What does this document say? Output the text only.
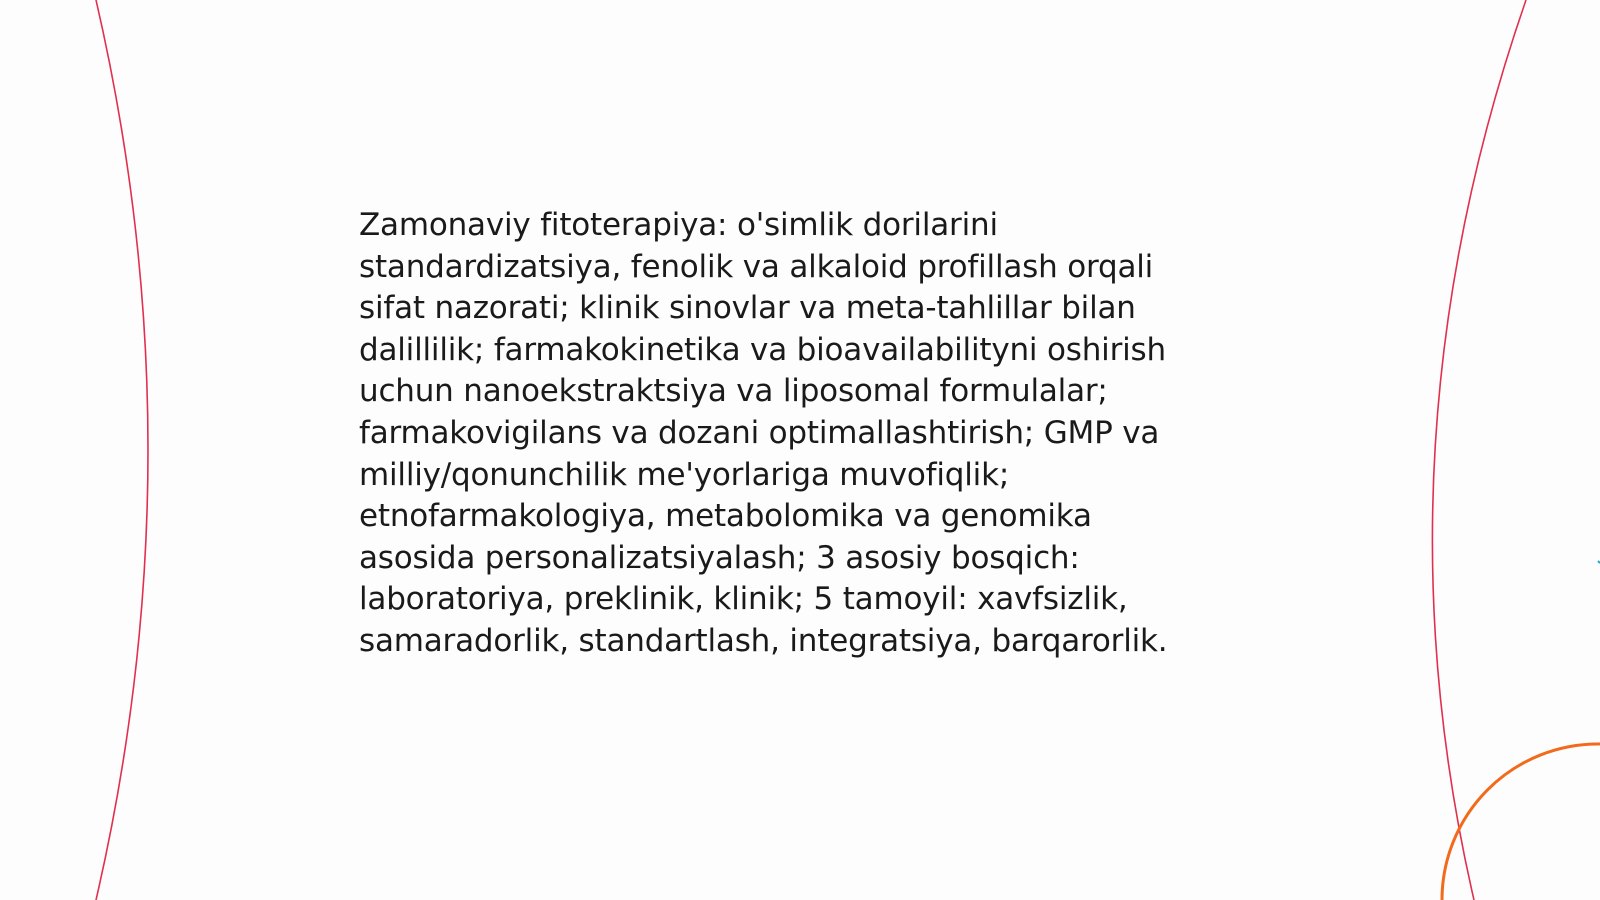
Zamonaviy fitoterapiya: o'simlik dorilarini
standardizatsiya, fenolik va alkaloid profillash orqali
sifat nazorati; klinik sinovlar va meta-tahlillar bilan
dalillilik; farmakokinetika va bioavailabilityni oshirish
uchun nanoekstraktsiya va liposomal formulalar;
farmakovigilans va dozani optimallashtirish; GMP va
milliy/qonunchilik me'yorlariga muvofiqlik;
etnofarmakologiya, metabolomika va genomika
asosida personalizatsiyalash; 3 asosiy bosqich:
laboratoriya, preklinik, klinik; 5 tamoyil: xavfsizlik,
samaradorlik, standartlash, integratsiya, barqarorlik.
